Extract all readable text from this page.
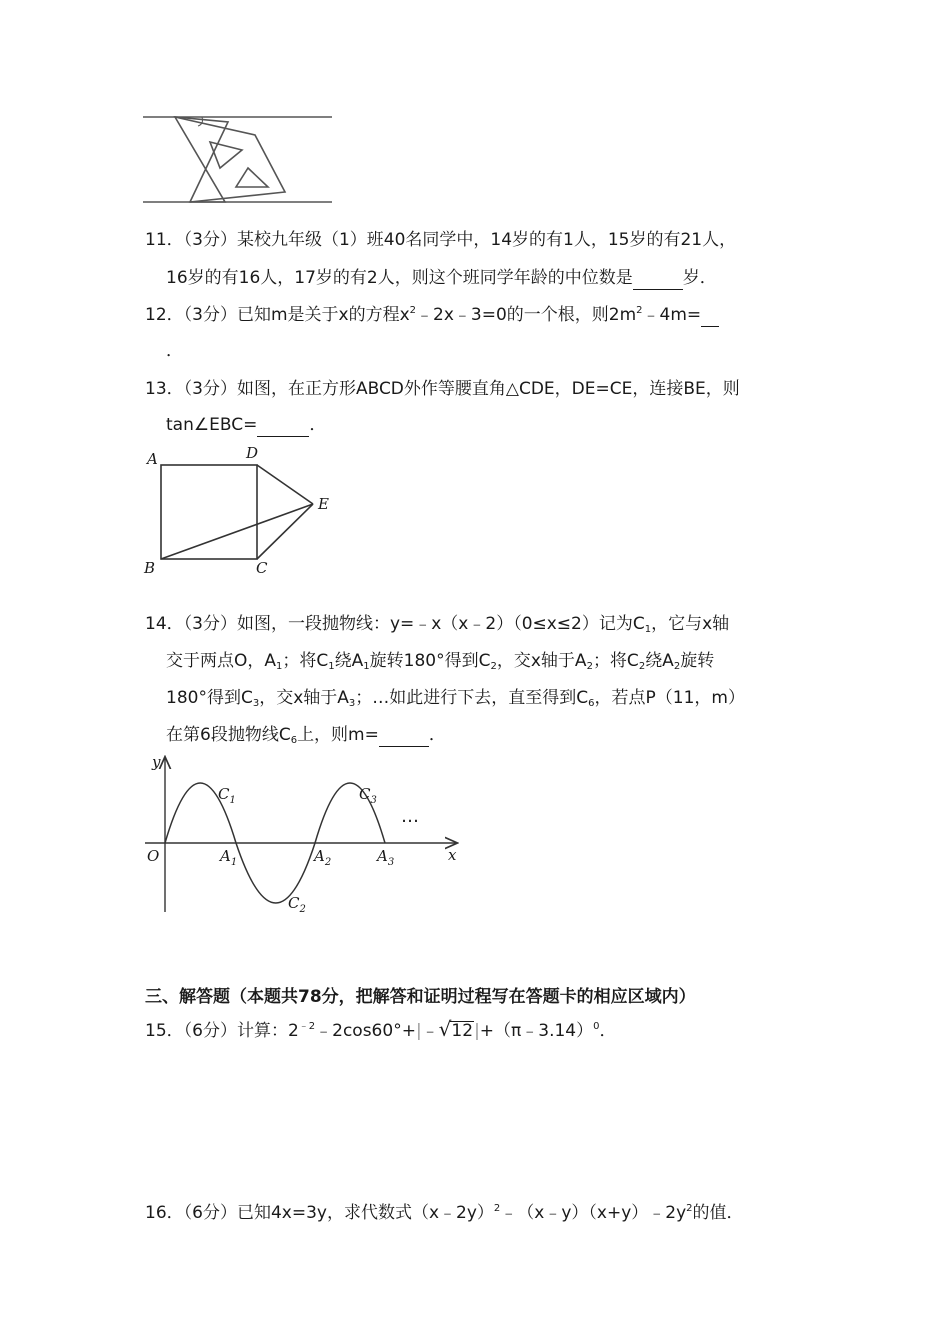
11．（3分）某校九年级（1）班40名同学中，14岁的有1人，15岁的有21人，
16岁的有16人，17岁的有2人，则这个班同学年龄的中位数是	岁．
12．（3分）已知m是关于x的方程$x^2﹣2x﹣3=0$的一个根，则$2m^2﹣4m=$
．
13．（3分）如图，在正方形ABCD外作等腰直角△CDE，DE=CE，连接BE，则
tan∠EBC=	．
A	D
E
B	C
14．（3分）如图，一段抛物线：y=﹣x（x﹣2）（0≤x≤2）记为$C_1$，它与x轴
交于两点O，$A_1$；将$C_1$绕$A_1$旋转180°得到$C_2$，交x轴于$A_2$；将$C_2$绕$A_2$旋转
180°得到$C_3$，交x轴于$A_3$；…如此进行下去，直至得到$C_6$，若点P（11，m）
在第6段抛物线$C_6$上，则m=	．
y
x
O
$C_1$
$C_2$
$C_3$
$A_1$	$A_2$	$A_3$
…
三、解答题（本题共78分，把解答和证明过程写在答题卡的相应区域内）
15．（6分）计算：$2^{﹣2}﹣2\cos 60^\circ+|﹣√12|+(\pi﹣3.14)^0$．
16．（6分）已知4x=3y，求代数式$(x﹣2y)^2﹣(x﹣y)(x+y)﹣2y^2$的值．
